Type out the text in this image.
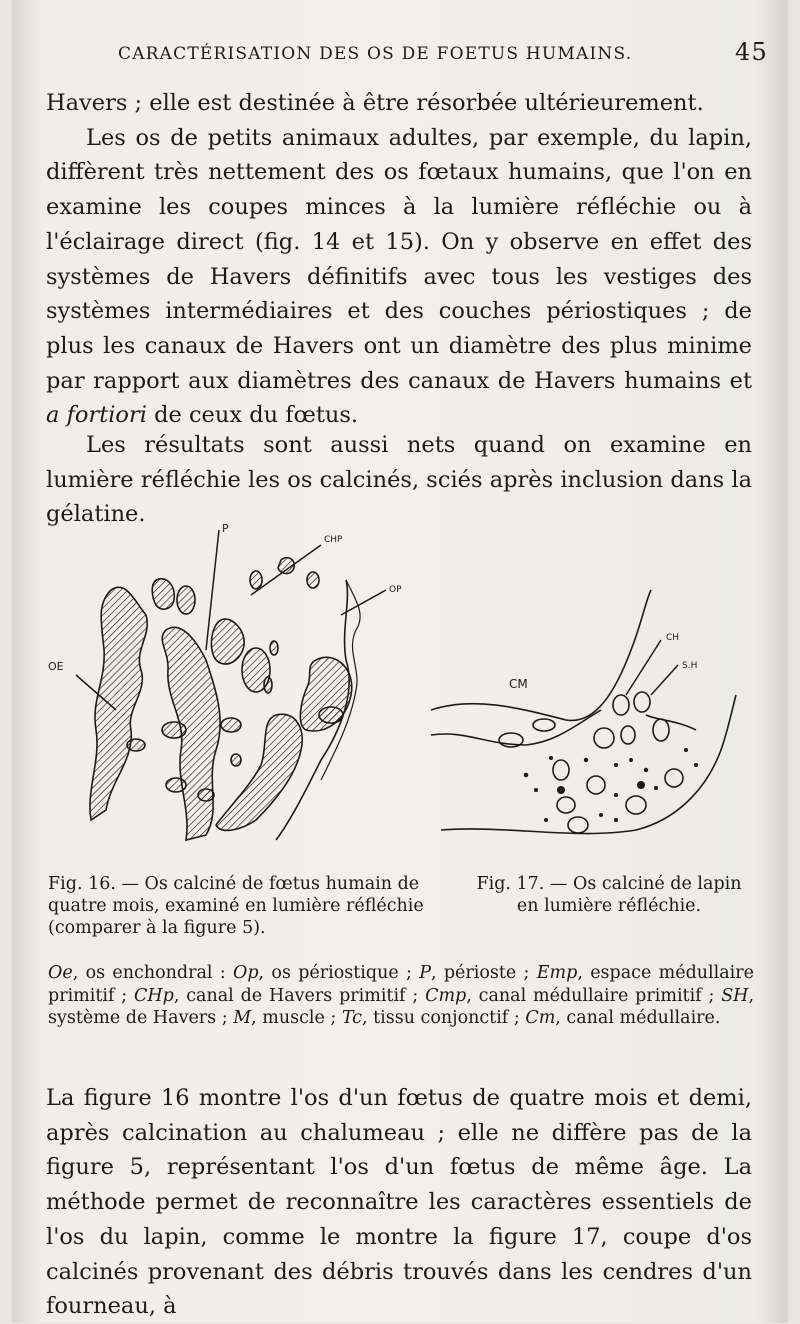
CARACTÉRISATION DES OS DE FOETUS HUMAINS.	45

Havers ; elle est destinée à être résorbée ultérieurement.

Les os de petits animaux adultes, par exemple, du lapin, diffèrent très nettement des os fœtaux humains, que l'on en examine les coupes minces à la lumière réfléchie ou à l'éclairage direct (fig. 14 et 15). On y observe en effet des systèmes de Havers définitifs avec tous les vestiges des systèmes intermédiaires et des couches périostiques ; de plus les canaux de Havers ont un diamètre des plus minime par rapport aux diamètres des canaux de Havers humains et a fortiori de ceux du fœtus.

Les résultats sont aussi nets quand on examine en lumière réfléchie les os calcinés, sciés après inclusion dans la gélatine.

OE
P
CHP
OP
CM
CH
S.H
Fig. 16. — Os calciné de fœtus humain de quatre mois, examiné en lumière réfléchie (comparer à la figure 5).
Fig. 17. — Os calciné de lapin en lumière réfléchie.
Oe, os enchondral : Op, os périostique ; P, périoste ; Emp, espace médullaire primitif ; CHp, canal de Havers primitif ; Cmp, canal médullaire primitif ; SH, système de Havers ; M, muscle ; Tc, tissu conjonctif ; Cm, canal médullaire.

La figure 16 montre l'os d'un fœtus de quatre mois et demi, après calcination au chalumeau ; elle ne diffère pas de la figure 5, représentant l'os d'un fœtus de même âge. La méthode permet de reconnaître les caractères essentiels de l'os du lapin, comme le montre la figure 17, coupe d'os calcinés provenant des débris trouvés dans les cendres d'un fourneau, à
